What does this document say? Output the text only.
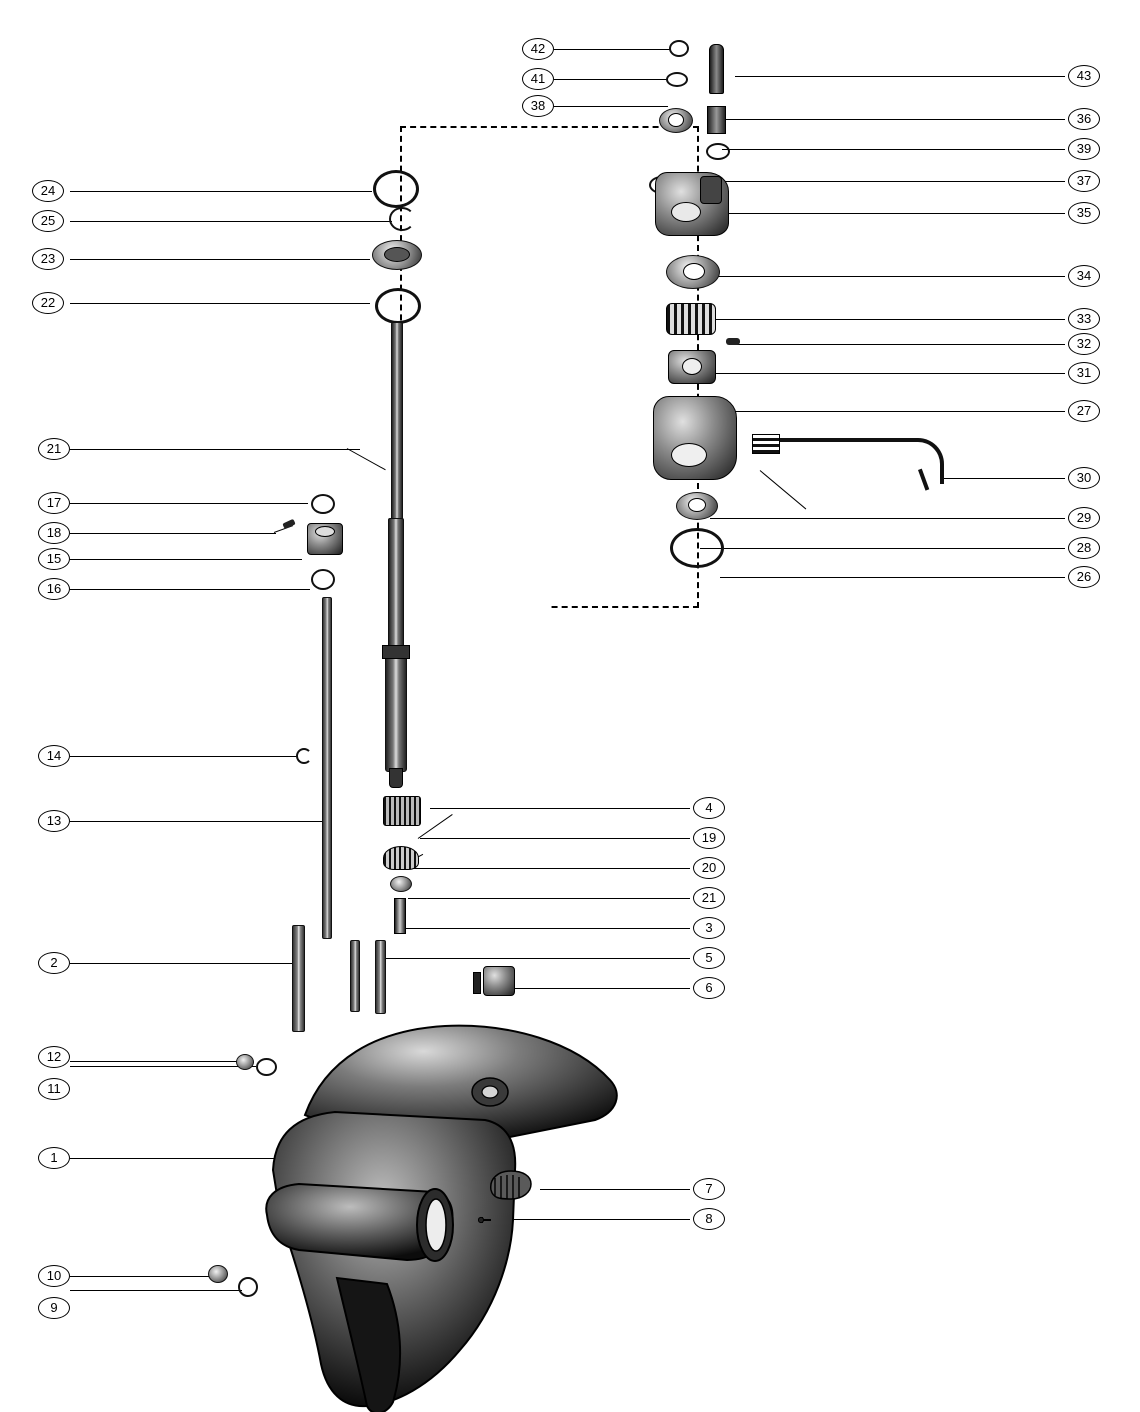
42
41
38
43
36
39
37
35
34
33
32
31
27
30
29
28
26
24
25
23
22
21
17
18
15
16
14
13
2
12
11
1
10
9
4
19
20
21
3
5
6
7
8
